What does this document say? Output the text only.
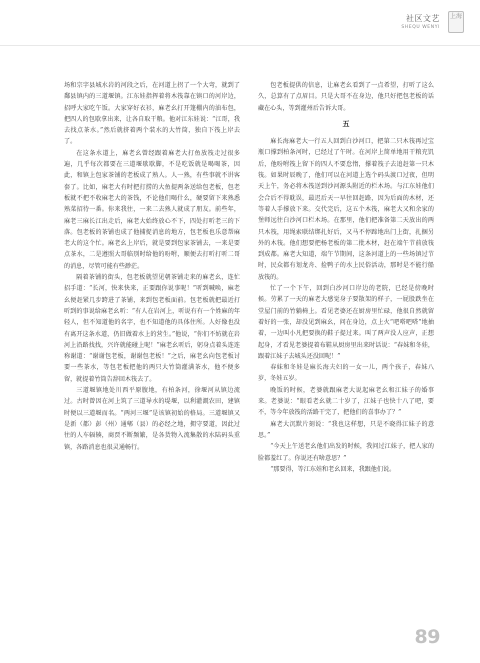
社区文艺
SHEQU WENYI
上海

场和宗字县城水岩的河段之后，在河道上拐了一个大弯，就到了鄱县镇内的三道堰镇。江东娃指挥着将木筏靠在镇口的河岸边，招呼大家吃午饭。大家穿好衣衫，麻老幺打开篷棚内的油布包，把四人的包歇拿出来，让各自取干粮。他对江东娃说：“江哥，我去找点茶水。”然后就挤着两个装水的大竹筒，独自下筏上岸去了。

在这条水道上，麻老幺曾经跟着麻老大打鱼放筏走过很多遍，几乎每次都要在三道堰歇歇脚，不是吃饭就是喝喝茶，因此，和镇上包家茶铺的老板成了熟人。人一熟，有些事就不讲客套了。比如，麻老大有时把打捞的大鱼提两条送给包老板，包老板就不把不收麻老大的茶钱，不论他们喝什么，硬要留下来熟悉熟菜招待一番。你来我往，一来二去熟人就成了朋友。前些年，麻老三麻长江出走后，麻老大始终放心不下，四处打听老三的下落。包老板的茶铺也成了他捕捉消息的地方，包老板也乐意帮麻老大的这个忙。麻老幺上岸后，就是要到包家茶铺去，一来是要点茶水，二是遵照大哥临别时给他的吩咐，顺便去打听打听二哥的消息，尽管可能有些渺茫。

隔着茶铺的街头，包老板就望见朝茶铺走来的麻老幺，连忙招手道：“长河，快来快来，正要跟你说事呢！”听到喊唤，麻老幺便赶紧几步跨进了茶铺，来到包老板面前。包老板就把最近打听到的事说给麻老幺听：“有人在岩河上，听说有有一个姓麻的年轻人，但不知道他的名字，也不知道他的具体住所。人好像也没有离开这条水道，仍旧做着水上的营生。”他说，“你们不妨就在岩河上沿路找找，兴许就能碰上呢！”麻老幺听后，躬身点着头连连称谢道：“谢谢包老板，谢谢包老板！”之后，麻老幺向包老板讨要一些茶水，等包老板把他的两只大竹筒灌满茶水，他不便多留，就提着竹筒告辞回木筏去了。

三道堰镇地处川西平原腹地，有柏条河，徐堰河从镇边流过。古时曾因在河上筑了三道导水的堤堰，以利灌溉农田，建镇时便以三道堰而名。“两河三堰”是该镇初始的格局。三道堰镇又是新（都）彭（州）通郫（县）的必经之地，拥守要道，因此过往的人车辐辏，商贾不断频繁，是各货物入流集散的水陆码头重镇，各路消息也很灵通畅行。

包老板提供的信息，让麻老幺看到了一点希望，打听了这么久，总算有了点眉目。只是大哥不在身边，他只好把包老板的话藏在心头，等到灌州后告诉大哥。

五

麻长海麻老大一行五人回到白沙河口，把第二只木筏再过宝瓶口撑到柏条河时，已经过了午时。在河岸上简单地用干粮充饥后，他吩咐筏上留下的四人不要怠惰，撑着筏子去追赶第一只木筏。如果时辰晚了，他们可以在河道上选个码头渡口过夜，但明天上午，务必将木筏送到沙河源头附近的栏木场。与江东娃他们会合后不得耽误，最迟后天一早往回赶路，因为后面的木材，还等着人手撑放下来。交代完后，这五个木筏，麻老大又和余家的堡师远往白沙河口栏木场。在那里，他们把准备第二天放出的两只木筏，用绳索联结绑扎好后，又马不停蹄地出门上街，扎捆另外的木筏。他们想要把杨老板的第二批木材，赶在端午节前放筏到成都。麻老大知道，端午节期间，这条河道上的一些场镇过节时，民众都有划龙舟、捡鸭子的水上民俗活动，那时是不能行船放筏的。

忙了一个下午，回到白沙河口岸边的老院，已经是傍晚时候。劳累了一天的麻老大感觉身子要散架的样子，一屁股跌坐在堂屋门前的竹躺椅上。看见老婆还在厨房里忙碌，他很自然就留着好的一张，却没见到麻幺，问在身边，点上火“吧嗒吧嗒”地抽着，一边叫小凡把要换的鞋子提过来。叫了两声没人应声，正想起身，才看见老婆提着布鞋从厨房里出来时话说：“春妹和冬娃，跟着江妹子去城头还没回呢！”

春妹和冬娃是麻长海夫妇的一女一儿，两个孩子，春妹八岁，冬娃五岁。

晚饭的时候，老婆就跟麻老大说起麻老幺和江妹子的婚事来。老婆说：“眼看老幺就二十岁了，江妹子也快十八了吧，要不，等今年放筏的活路干完了，把他们的喜事办了？”

麻老大沉默片刻说：“我也这样想，只是不晓得江妹子的意思。”

“今天上午送老幺他们出发的时候，我问过江妹子，把人家的脸都羞红了。你说还有啥意思？”

“那要得，等江东娃和老幺回来，我跟他们说。

89
